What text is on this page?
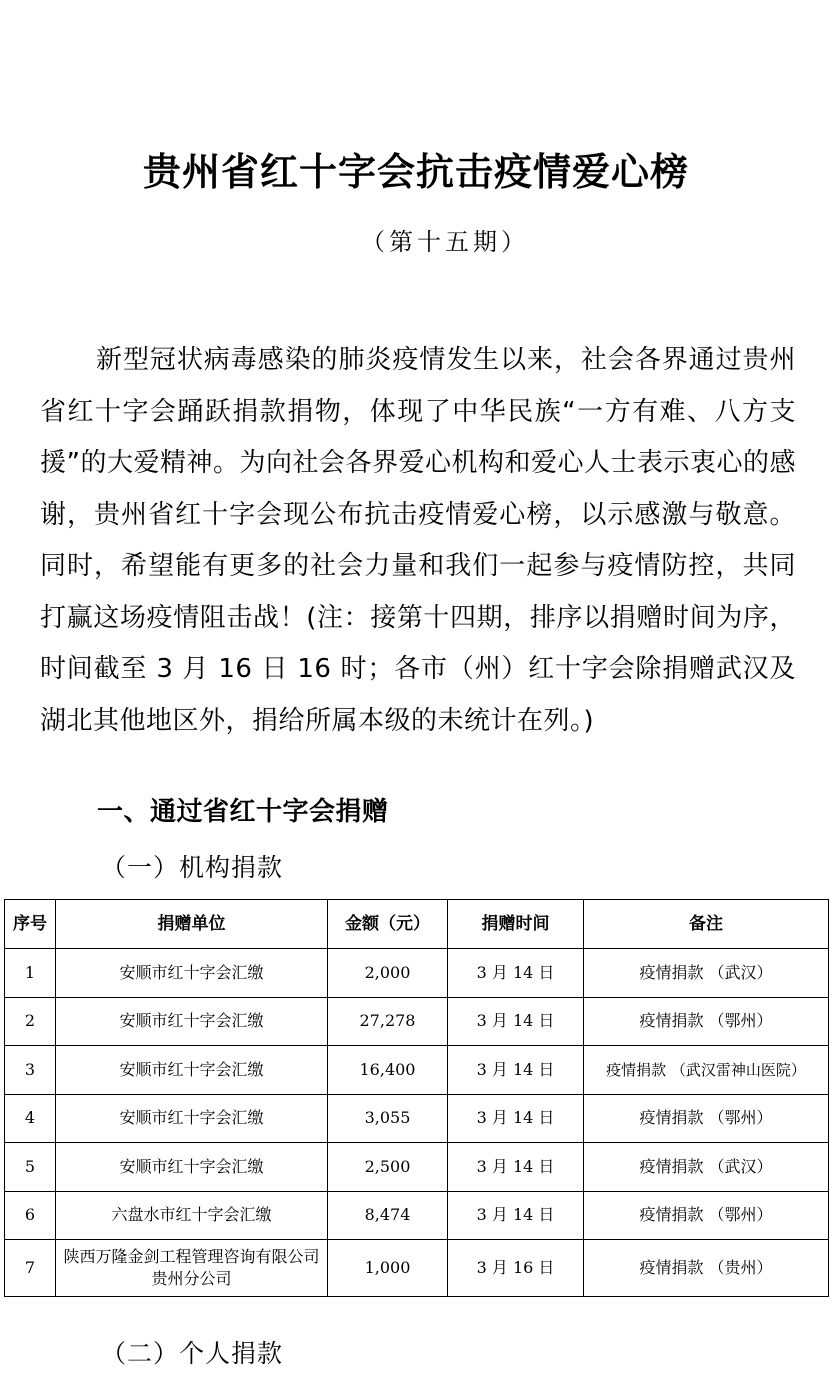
贵州省红十字会抗击疫情爱心榜
（第十五期）
新型冠状病毒感染的肺炎疫情发生以来，社会各界通过贵州省红十字会踊跃捐款捐物，体现了中华民族“一方有难、八方支援”的大爱精神。为向社会各界爱心机构和爱心人士表示衷心的感谢，贵州省红十字会现公布抗击疫情爱心榜，以示感激与敬意。同时，希望能有更多的社会力量和我们一起参与疫情防控，共同打赢这场疫情阻击战！(注：接第十四期，排序以捐赠时间为序，时间截至 3 月 16 日 16 时；各市（州）红十字会除捐赠武汉及湖北其他地区外，捐给所属本级的未统计在列。)
一、通过省红十字会捐赠
（一）机构捐款
序号	捐赠单位	金额（元）	捐赠时间	备注
1	安顺市红十字会汇缴	2,000	3 月 14 日	疫情捐款 （武汉）
2	安顺市红十字会汇缴	27,278	3 月 14 日	疫情捐款 （鄂州）
3	安顺市红十字会汇缴	16,400	3 月 14 日	疫情捐款 （武汉雷神山医院）
4	安顺市红十字会汇缴	3,055	3 月 14 日	疫情捐款 （鄂州）
5	安顺市红十字会汇缴	2,500	3 月 14 日	疫情捐款 （武汉）
6	六盘水市红十字会汇缴	8,474	3 月 14 日	疫情捐款 （鄂州）
7	陕西万隆金剑工程管理咨询有限公司贵州分公司	1,000	3 月 16 日	疫情捐款 （贵州）
（二）个人捐款
